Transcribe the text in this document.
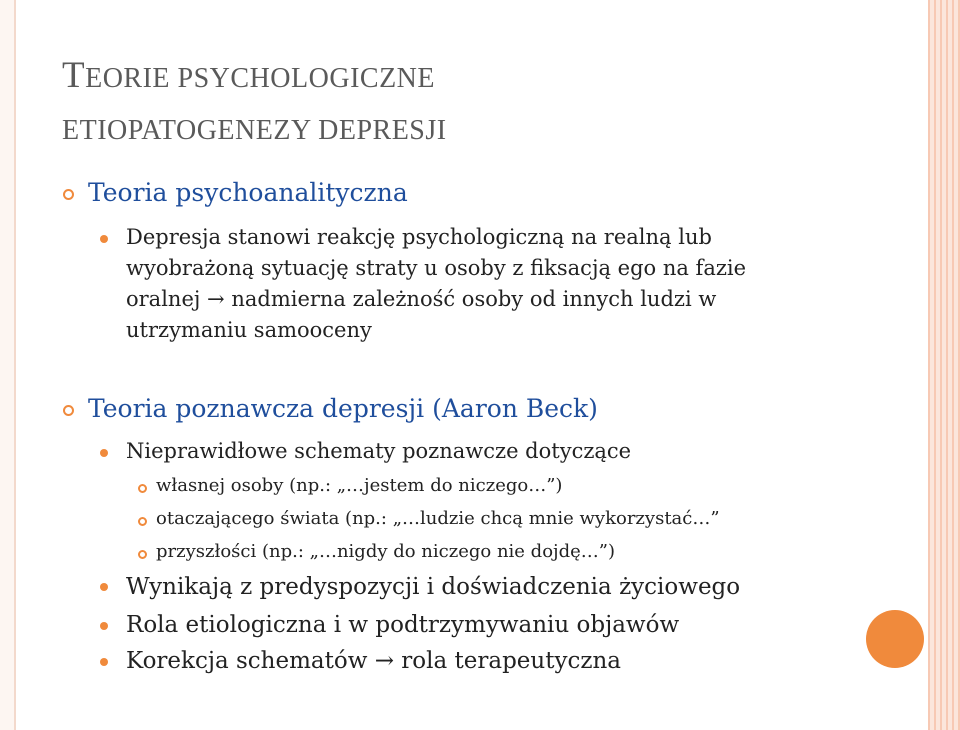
TEORIE PSYCHOLOGICZNE
ETIOPATOGENEZY DEPRESJI
Teoria psychoanalityczna
Depresja stanowi reakcję psychologiczną na realną lub
wyobrażoną sytuację straty u osoby z fiksacją ego na fazie
oralnej → nadmierna zależność osoby od innych ludzi w
utrzymaniu samooceny
Teoria poznawcza depresji (Aaron Beck)
Nieprawidłowe schematy poznawcze dotyczące
własnej osoby (np.: „…jestem do niczego…”)
otaczającego świata (np.: „…ludzie chcą mnie wykorzystać…”
przyszłości (np.: „…nigdy do niczego nie dojdę…”)
Wynikają z predyspozycji i doświadczenia życiowego
Rola etiologiczna i w podtrzymywaniu objawów
Korekcja schematów → rola terapeutyczna
